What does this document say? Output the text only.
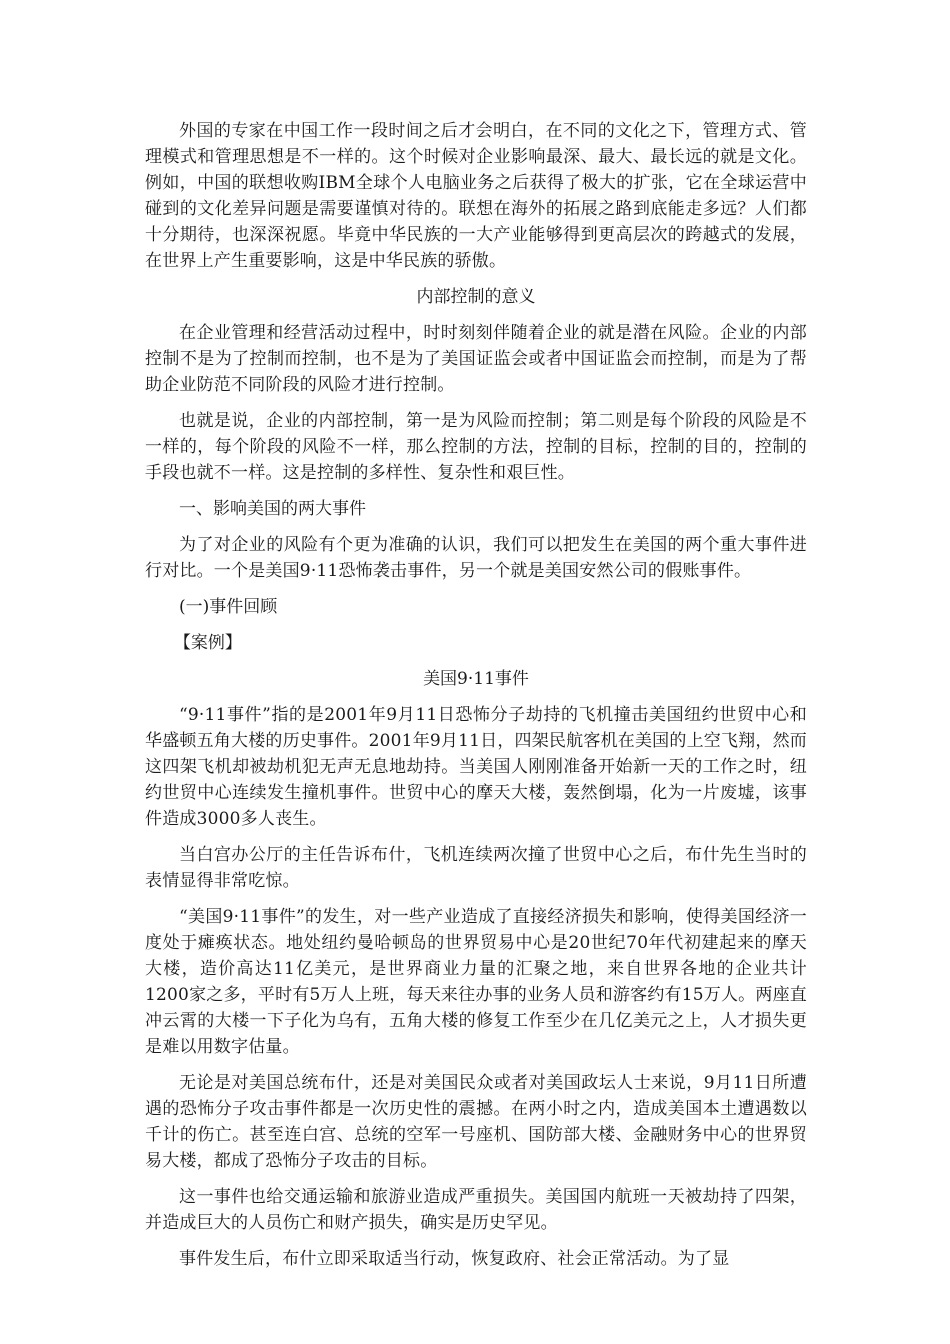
外国的专家在中国工作一段时间之后才会明白，在不同的文化之下，管理方式、管理模式和管理思想是不一样的。这个时候对企业影响最深、最大、最长远的就是文化。例如，中国的联想收购IBM全球个人电脑业务之后获得了极大的扩张，它在全球运营中碰到的文化差异问题是需要谨慎对待的。联想在海外的拓展之路到底能走多远？人们都十分期待，也深深祝愿。毕竟中华民族的一大产业能够得到更高层次的跨越式的发展，在世界上产生重要影响，这是中华民族的骄傲。

内部控制的意义

在企业管理和经营活动过程中，时时刻刻伴随着企业的就是潜在风险。企业的内部控制不是为了控制而控制，也不是为了美国证监会或者中国证监会而控制，而是为了帮助企业防范不同阶段的风险才进行控制。

也就是说，企业的内部控制，第一是为风险而控制；第二则是每个阶段的风险是不一样的，每个阶段的风险不一样，那么控制的方法，控制的目标，控制的目的，控制的手段也就不一样。这是控制的多样性、复杂性和艰巨性。

一、影响美国的两大事件

为了对企业的风险有个更为准确的认识，我们可以把发生在美国的两个重大事件进行对比。一个是美国9·11恐怖袭击事件，另一个就是美国安然公司的假账事件。

(一)事件回顾

【案例】

美国9·11事件

“9·11事件”指的是2001年9月11日恐怖分子劫持的飞机撞击美国纽约世贸中心和华盛顿五角大楼的历史事件。2001年9月11日，四架民航客机在美国的上空飞翔，然而这四架飞机却被劫机犯无声无息地劫持。当美国人刚刚准备开始新一天的工作之时，纽约世贸中心连续发生撞机事件。世贸中心的摩天大楼，轰然倒塌，化为一片废墟，该事件造成3000多人丧生。

当白宫办公厅的主任告诉布什，飞机连续两次撞了世贸中心之后，布什先生当时的表情显得非常吃惊。

“美国9·11事件”的发生，对一些产业造成了直接经济损失和影响，使得美国经济一度处于瘫痪状态。地处纽约曼哈顿岛的世界贸易中心是20世纪70年代初建起来的摩天大楼，造价高达11亿美元，是世界商业力量的汇聚之地，来自世界各地的企业共计1200家之多，平时有5万人上班，每天来往办事的业务人员和游客约有15万人。两座直冲云霄的大楼一下子化为乌有，五角大楼的修复工作至少在几亿美元之上，人才损失更是难以用数字估量。

无论是对美国总统布什，还是对美国民众或者对美国政坛人士来说，9月11日所遭遇的恐怖分子攻击事件都是一次历史性的震撼。在两小时之内，造成美国本土遭遇数以千计的伤亡。甚至连白宫、总统的空军一号座机、国防部大楼、金融财务中心的世界贸易大楼，都成了恐怖分子攻击的目标。

这一事件也给交通运输和旅游业造成严重损失。美国国内航班一天被劫持了四架，并造成巨大的人员伤亡和财产损失，确实是历史罕见。

事件发生后，布什立即采取适当行动，恢复政府、社会正常活动。为了显
